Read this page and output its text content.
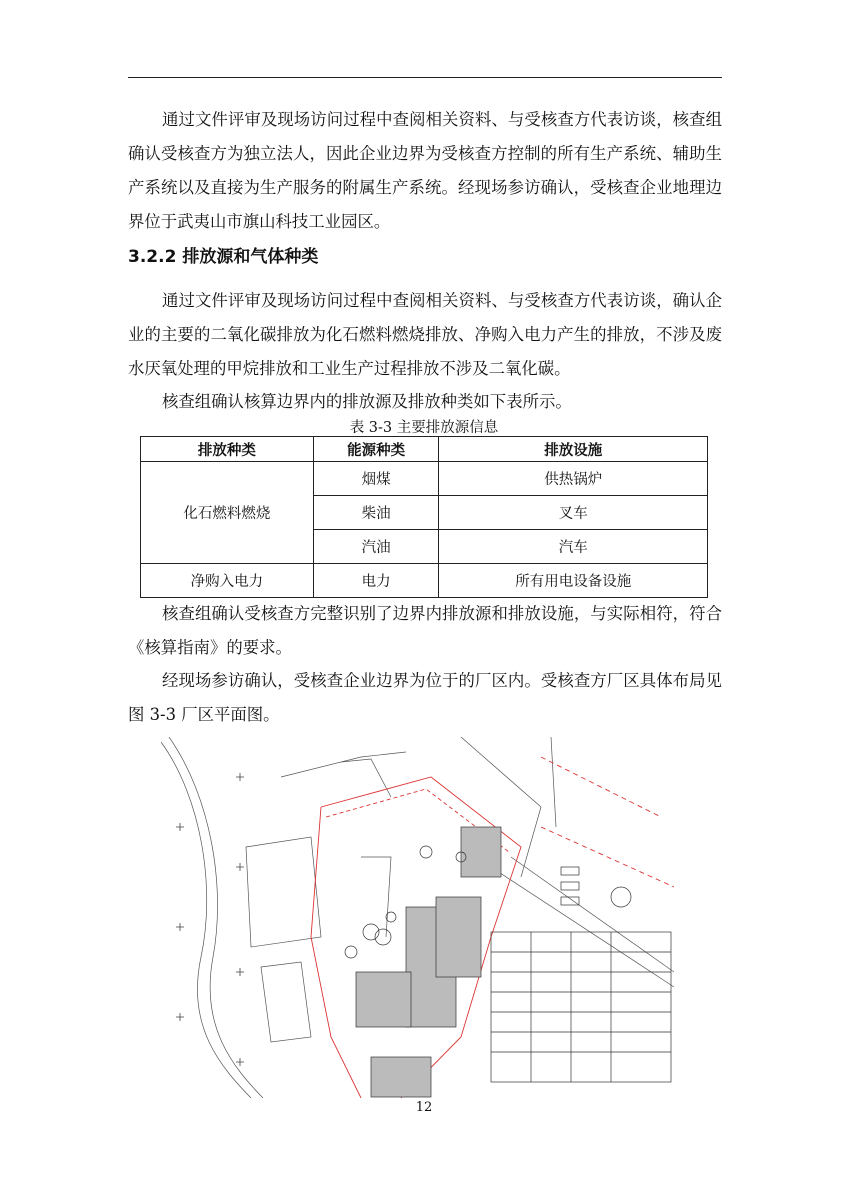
通过文件评审及现场访问过程中查阅相关资料、与受核查方代表访谈，核查组确认受核查方为独立法人，因此企业边界为受核查方控制的所有生产系统、辅助生产系统以及直接为生产服务的附属生产系统。经现场参访确认，受核查企业地理边界位于武夷山市旗山科技工业园区。

3.2.2 排放源和气体种类

通过文件评审及现场访问过程中查阅相关资料、与受核查方代表访谈，确认企业的主要的二氧化碳排放为化石燃料燃烧排放、净购入电力产生的排放，不涉及废水厌氧处理的甲烷排放和工业生产过程排放不涉及二氧化碳。

核查组确认核算边界内的排放源及排放种类如下表所示。

表 3-3 主要排放源信息

排放种类	能源种类	排放设施
化石燃料燃烧	烟煤	供热锅炉
	柴油	叉车
	汽油	汽车
净购入电力	电力	所有用电设备设施

核查组确认受核查方完整识别了边界内排放源和排放设施，与实际相符，符合《核算指南》的要求。

经现场参访确认，受核查企业边界为位于的厂区内。受核查方厂区具体布局见图 3-3 厂区平面图。

12
